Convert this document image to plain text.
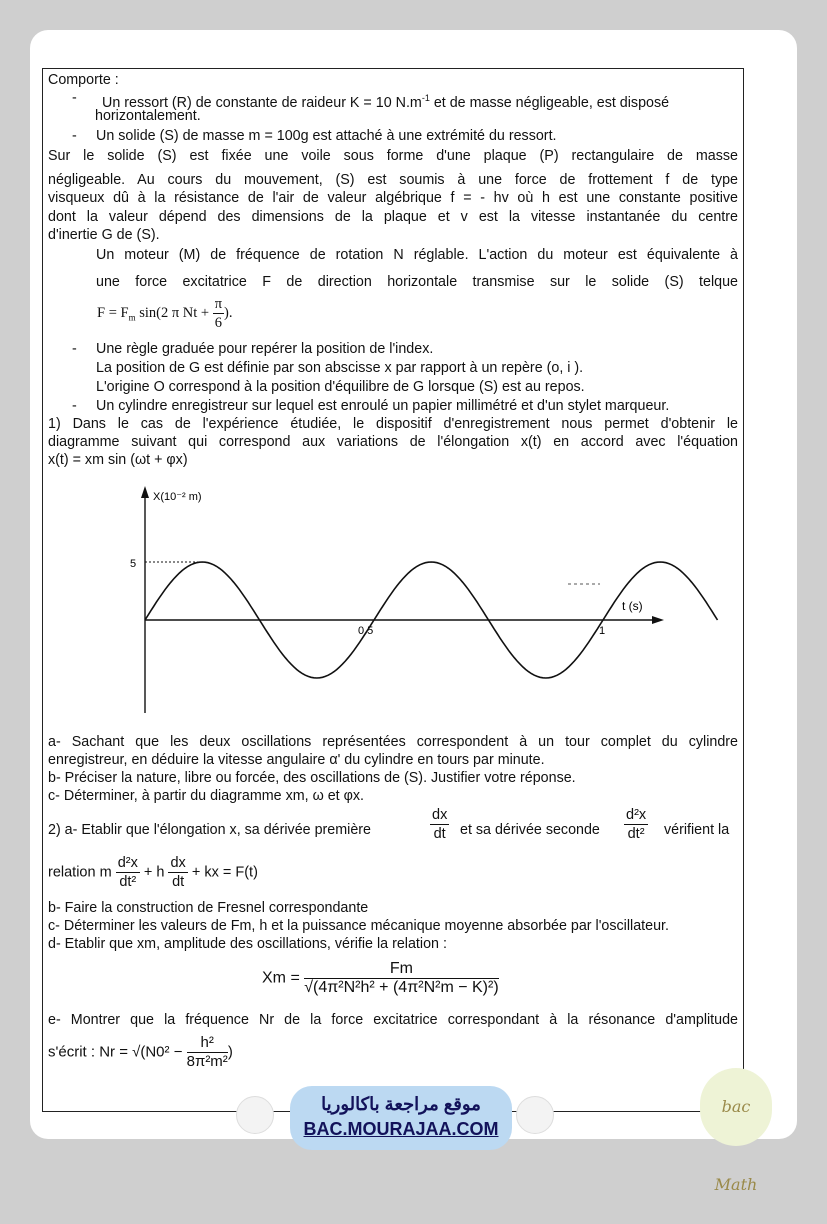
Comporte :
- Un ressort (R) de constante de raideur K = 10 $N.m^{-1}$ et de masse négligeable, est disposé
horizontalement.
- Un solide (S) de masse m = 100g est attaché à une extrémité du ressort.
Sur le solide (S) est fixée une voile sous forme d'une plaque (P) rectangulaire de masse
négligeable. Au cours du mouvement, (S) est soumis à une force de frottement f de type
visqueux dû à la résistance de l'air de valeur algébrique f = - hv où h est une constante positive
dont la valeur dépend des dimensions de la plaque et v est la vitesse instantanée du centre
d'inertie G de (S).
Un moteur (M) de fréquence de rotation N réglable. L'action du moteur est équivalente à
une force excitatrice F de direction horizontale transmise sur le solide (S) telque
$F = F_m$ sin(2 π $Nt + \frac{\pi}{6}$ ).
- Une règle graduée pour repérer la position de l'index.
La position de G est définie par son abscisse x par rapport à un repère (o, i ).
L'origine O correspond à la position d'équilibre de G lorsque (S) est au repos.
- Un cylindre enregistreur sur lequel est enroulé un papier millimétré et d'un stylet marqueur.
1) Dans le cas de l'expérience étudiée, le dispositif d'enregistrement nous permet d'obtenir le
diagramme suivant qui correspond aux variations de l'élongation x(t) en accord avec l'équation
x(t) = xm sin (ωt + φx)
X(10⁻² m)
t (s)
5
0.5	1
a- Sachant que les deux oscillations représentées correspondent à un tour complet du cylindre
enregistreur, en déduire la vitesse angulaire α' du cylindre en tours par minute.
b- Préciser la nature, libre ou forcée, des oscillations de (S). Justifier votre réponse.
c- Déterminer, à partir du diagramme xm, ω et φx.
2) a- Etablir que l'élongation x, sa dérivée première	$\frac{dx}{dt}$ et sa dérivée seconde $\frac{\text{d²x}}{\text{dt²}}$ vérifient la
relation m $\frac{\text{d²x}}{\text{dt²}} + h \frac{dx}{dt}$ + kx = F(t)
b- Faire la construction de Fresnel correspondante
c- Déterminer les valeurs de Fm, h et la puissance mécanique moyenne absorbée par l'oscillateur.
d- Etablir que xm, amplitude des oscillations, vérifie la relation :
$Xm = \frac{Fm}{\text{√(4π²N²h² + (4π²N²m − K)²)}}$
e- Montrer que la fréquence Nr de la force excitatrice correspondant à la résonance d'amplitude
s'écrit : $Nr = √(N0^2 - \frac{\text{h²}}{\text{8π²m²}}$ )
موقع مراجعة باكالوريا
BAC.MOURAJAA.COM
bac Math
